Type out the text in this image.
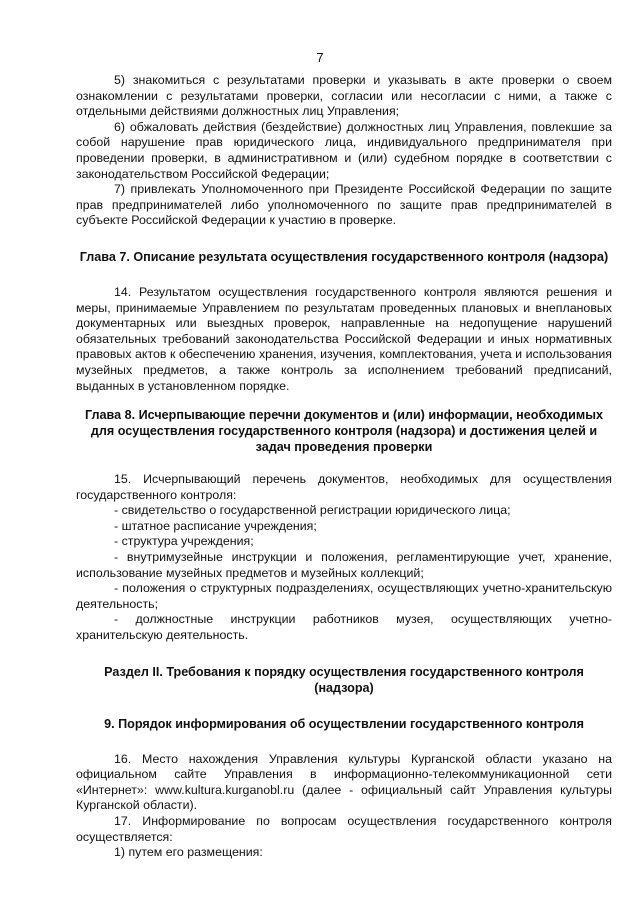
7

5) знакомиться с результатами проверки и указывать в акте проверки о своем ознакомлении с результатами проверки, согласии или несогласии с ними, а также с отдельными действиями должностных лиц Управления;

6) обжаловать действия (бездействие) должностных лиц Управления, повлекшие за собой нарушение прав юридического лица, индивидуального предпринимателя при проведении проверки, в административном и (или) судебном порядке в соответствии с законодательством Российской Федерации;

7) привлекать Уполномоченного при Президенте Российской Федерации по защите прав предпринимателей либо уполномоченного по защите прав предпринимателей в субъекте Российской Федерации к участию в проверке.

Глава 7. Описание результата осуществления государственного контроля (надзора)

14. Результатом осуществления государственного контроля являются решения и меры, принимаемые Управлением по результатам проведенных плановых и внеплановых документарных или выездных проверок, направленные на недопущение нарушений обязательных требований законодательства Российской Федерации и иных нормативных правовых актов к обеспечению хранения, изучения, комплектования, учета и использования музейных предметов, а также контроль за исполнением требований предписаний, выданных в установленном порядке.

Глава 8. Исчерпывающие перечни документов и (или) информации, необходимых для осуществления государственного контроля (надзора) и достижения целей и задач проведения проверки

15. Исчерпывающий перечень документов, необходимых для осуществления государственного контроля:

- свидетельство о государственной регистрации юридического лица;

- штатное расписание учреждения;

- структура учреждения;

- внутримузейные инструкции и положения, регламентирующие учет, хранение, использование музейных предметов и музейных коллекций;

- положения о структурных подразделениях, осуществляющих учетно-хранительскую деятельность;

- должностные инструкции работников музея, осуществляющих учетно-хранительскую деятельность.

Раздел II. Требования к порядку осуществления государственного контроля (надзора)

9. Порядок информирования об осуществлении государственного контроля

16. Место нахождения Управления культуры Курганской области указано на официальном сайте Управления в информационно-телекоммуникационной сети «Интернет»: www.kultura.kurganobl.ru (далее - официальный сайт Управления культуры Курганской области).

17. Информирование по вопросам осуществления государственного контроля осуществляется:

1) путем его размещения:
